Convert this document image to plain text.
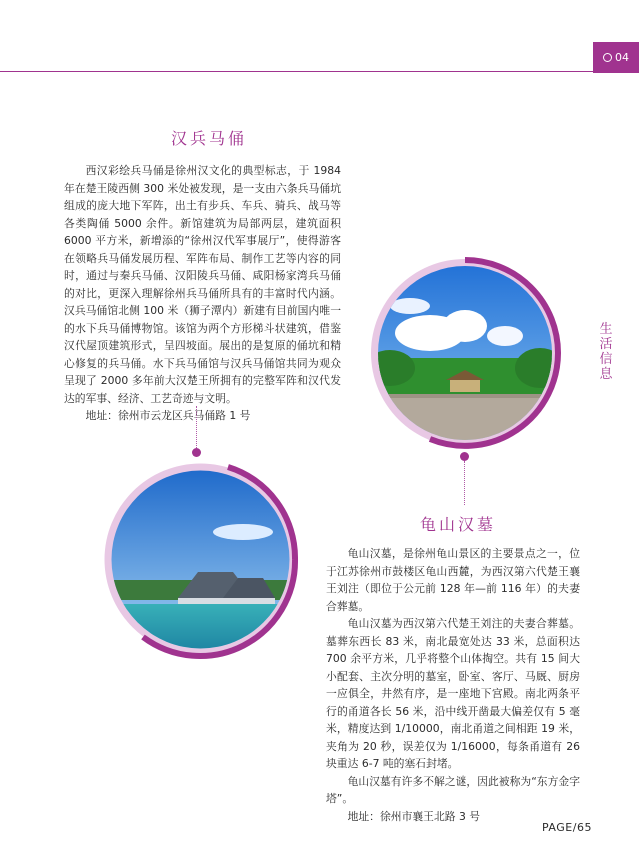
04
生
活
信
息
汉兵马俑

西汉彩绘兵马俑是徐州汉文化的典型标志，于 1984 年在楚王陵西侧 300 米处被发现，是一支由六条兵马俑坑组成的庞大地下军阵，出土有步兵、车兵、骑兵、战马等各类陶俑 5000 余件。新馆建筑为局部两层，建筑面积 6000 平方米，新增添的“徐州汉代军事展厅”，使得游客在领略兵马俑发展历程、军阵布局、制作工艺等内容的同时，通过与秦兵马俑、汉阳陵兵马俑、咸阳杨家湾兵马俑的对比，更深入理解徐州兵马俑所具有的丰富时代内涵。汉兵马俑馆北侧 100 米（狮子潭内）新建有目前国内唯一的水下兵马俑博物馆。该馆为两个方形梯斗状建筑，借鉴汉代屋顶建筑形式，呈四坡面。展出的是复原的俑坑和精心修复的兵马俑。水下兵马俑馆与汉兵马俑馆共同为观众呈现了 2000 多年前大汉楚王所拥有的完整军阵和汉代发达的军事、经济、工艺奇迹与文明。

地址：徐州市云龙区兵马俑路 1 号

龟山汉墓

龟山汉墓，是徐州龟山景区的主要景点之一，位于江苏徐州市鼓楼区龟山西麓，为西汉第六代楚王襄王刘注（即位于公元前 128 年—前 116 年）的夫妻合葬墓。

龟山汉墓为西汉第六代楚王刘注的夫妻合葬墓。墓葬东西长 83 米，南北最宽处达 33 米，总面积达 700 余平方米，几乎将整个山体掏空。共有 15 间大小配套、主次分明的墓室，卧室、客厅、马厩、厨房一应俱全，井然有序，是一座地下宫殿。南北两条平行的甬道各长 56 米，沿中线开凿最大偏差仅有 5 毫米，精度达到 1/10000，南北甬道之间相距 19 米，夹角为 20 秒，误差仅为 1/16000，每条甬道有 26 块重达 6-7 吨的塞石封堵。

龟山汉墓有许多不解之谜，因此被称为“东方金字塔”。

地址：徐州市襄王北路 3 号

PAGE/65
